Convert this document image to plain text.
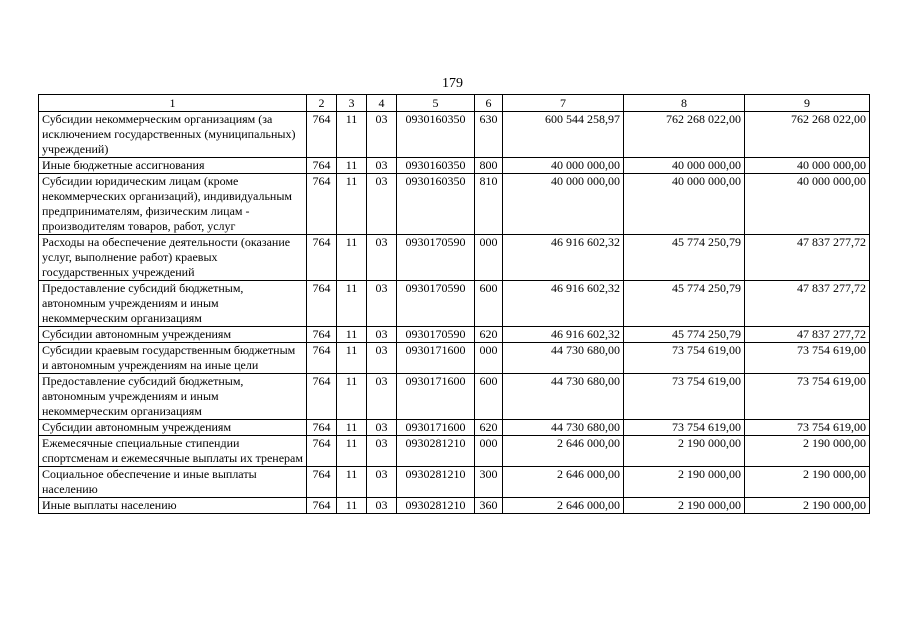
179
1	2	3	4	5	6	7	8	9
Субсидии некоммерческим организациям (за исключением государственных (муниципальных) учреждений)	764	11	03	0930160350	630	600 544 258,97	762 268 022,00	762 268 022,00
Иные бюджетные ассигнования	764	11	03	0930160350	800	40 000 000,00	40 000 000,00	40 000 000,00
Субсидии юридическим лицам (кроме некоммерческих организаций), индивидуальным предпринимателям, физическим лицам - производителям товаров, работ, услуг	764	11	03	0930160350	810	40 000 000,00	40 000 000,00	40 000 000,00
Расходы на обеспечение деятельности (оказание услуг, выполнение работ) краевых государственных учреждений	764	11	03	0930170590	000	46 916 602,32	45 774 250,79	47 837 277,72
Предоставление субсидий бюджетным, автономным учреждениям и иным некоммерческим организациям	764	11	03	0930170590	600	46 916 602,32	45 774 250,79	47 837 277,72
Субсидии автономным учреждениям	764	11	03	0930170590	620	46 916 602,32	45 774 250,79	47 837 277,72
Субсидии краевым государственным бюджетным и автономным учреждениям на иные цели	764	11	03	0930171600	000	44 730 680,00	73 754 619,00	73 754 619,00
Предоставление субсидий бюджетным, автономным учреждениям и иным некоммерческим организациям	764	11	03	0930171600	600	44 730 680,00	73 754 619,00	73 754 619,00
Субсидии автономным учреждениям	764	11	03	0930171600	620	44 730 680,00	73 754 619,00	73 754 619,00
Ежемесячные специальные стипендии спортсменам и ежемесячные выплаты их тренерам	764	11	03	0930281210	000	2 646 000,00	2 190 000,00	2 190 000,00
Социальное обеспечение и иные выплаты населению	764	11	03	0930281210	300	2 646 000,00	2 190 000,00	2 190 000,00
Иные выплаты населению	764	11	03	0930281210	360	2 646 000,00	2 190 000,00	2 190 000,00
